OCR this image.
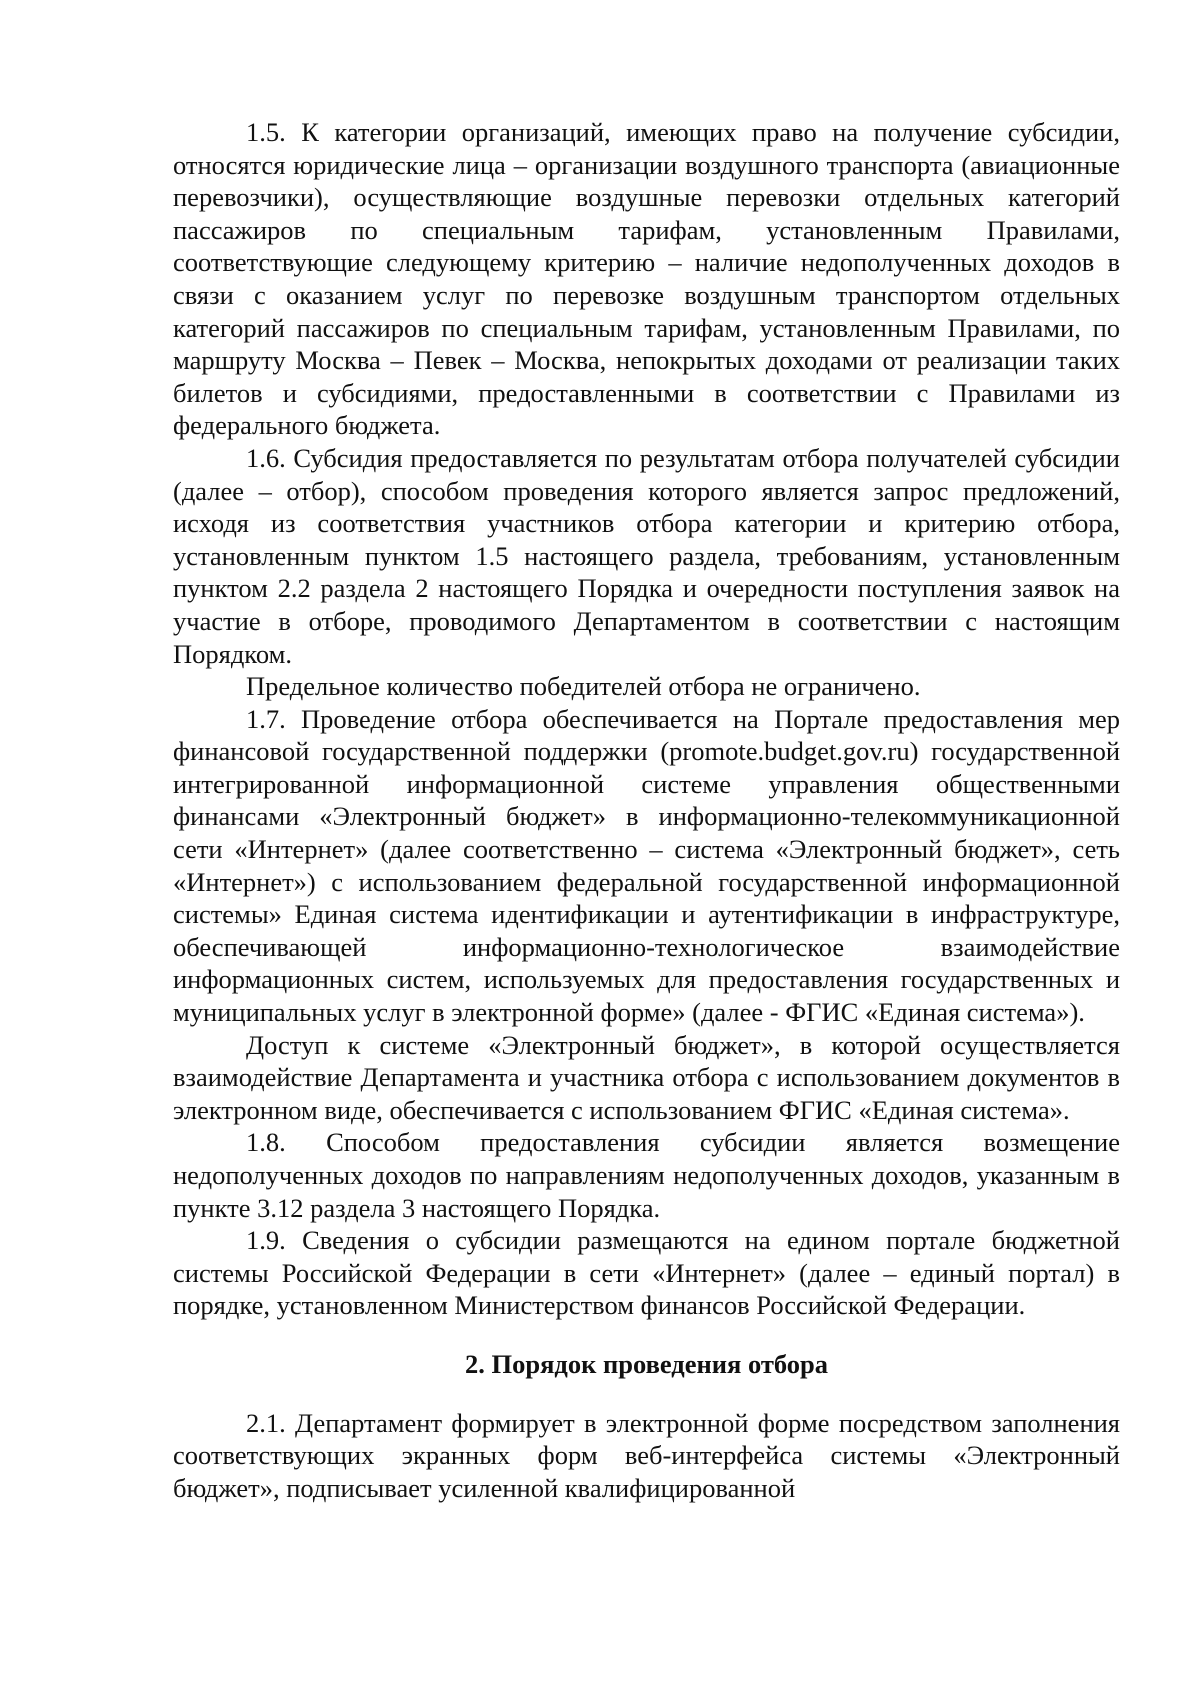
1.5. К категории организаций, имеющих право на получение субсидии, относятся юридические лица – организации воздушного транспорта (авиационные перевозчики), осуществляющие воздушные перевозки отдельных категорий пассажиров по специальным тарифам, установленным Правилами, соответствующие следующему критерию – наличие недополученных доходов в связи с оказанием услуг по перевозке воздушным транспортом отдельных категорий пассажиров по специальным тарифам, установленным Правилами, по маршруту Москва – Певек – Москва, непокрытых доходами от реализации таких билетов и субсидиями, предоставленными в соответствии с Правилами из федерального бюджета.

1.6. Субсидия предоставляется по результатам отбора получателей субсидии (далее – отбор), способом проведения которого является запрос предложений, исходя из соответствия участников отбора категории и критерию отбора, установленным пунктом 1.5 настоящего раздела, требованиям, установленным пунктом 2.2 раздела 2 настоящего Порядка и очередности поступления заявок на участие в отборе, проводимого Департаментом в соответствии с настоящим Порядком.

Предельное количество победителей отбора не ограничено.

1.7. Проведение отбора обеспечивается на Портале предоставления мер финансовой государственной поддержки (promote.budget.gov.ru) государственной интегрированной информационной системе управления общественными финансами «Электронный бюджет» в информационно-телекоммуникационной сети «Интернет» (далее соответственно – система «Электронный бюджет», сеть «Интернет») с использованием федеральной государственной информационной системы» Единая система идентификации и аутентификации в инфраструктуре, обеспечивающей информационно-технологическое взаимодействие информационных систем, используемых для предоставления государственных и муниципальных услуг в электронной форме» (далее - ФГИС «Единая система»).

Доступ к системе «Электронный бюджет», в которой осуществляется взаимодействие Департамента и участника отбора с использованием документов в электронном виде, обеспечивается с использованием ФГИС «Единая система».

1.8. Способом предоставления субсидии является возмещение недополученных доходов по направлениям недополученных доходов, указанным в пункте 3.12 раздела 3 настоящего Порядка.

1.9. Сведения о субсидии размещаются на едином портале бюджетной системы Российской Федерации в сети «Интернет» (далее – единый портал) в порядке, установленном Министерством финансов Российской Федерации.

2. Порядок проведения отбора

2.1. Департамент формирует в электронной форме посредством заполнения соответствующих экранных форм веб-интерфейса системы «Электронный бюджет», подписывает усиленной квалифицированной
